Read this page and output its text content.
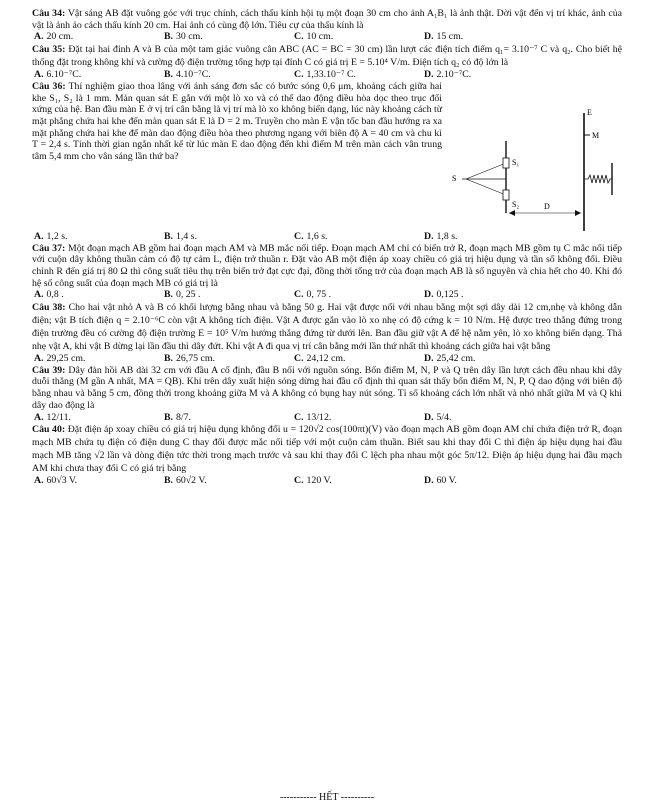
Câu 34: Vật sáng AB đặt vuông góc với trục chính, cách thấu kính hội tụ một đoạn 30 cm cho ảnh A₁B₁ là ảnh thật. Dời vật đến vị trí khác, ảnh của vật là ảnh ảo cách thấu kính 20 cm. Hai ảnh có cùng độ lớn. Tiêu cự của thấu kính là

A. 20 cm.	B. 30 cm.	C. 10 cm.	D. 15 cm.

Câu 35: Đặt tại hai đỉnh A và B của một tam giác vuông cân ABC (AC = BC = 30 cm) lần lượt các điện tích điểm q₁= 3.10⁻⁷ C và q₂. Cho biết hệ thống đặt trong không khí và cường độ điện trường tổng hợp tại đỉnh C có giá trị E = 5.10⁴ V/m. Điện tích q₂ có độ lớn là

A. 6.10⁻⁷C.	B. 4.10⁻⁷C.	C. 1,33.10⁻⁷ C.	D. 2.10⁻⁷C.

Câu 36: Thí nghiệm giao thoa lâng với ánh sáng đơn sắc có bước sóng 0,6 μm, khoảng cách giữa hai khe S₁, S₂ là 1 mm. Màn quan sát E gắn với một lò xo và có thể dao động điều hòa dọc theo trục đối xứng của hệ. Ban đầu màn E ở vị trí cân bằng là vị trí mà lò xo không biến dạng, lúc này khoảng cách từ mặt phẳng chứa hai khe đến màn quan sát E là D = 2 m. Truyền cho màn E vận tốc ban đầu hướng ra xa mặt phẳng chứa hai khe để màn dao động điều hòa theo phương ngang với biên độ A = 40 cm và chu kì T = 2,4 s. Tính thời gian ngắn nhất kể từ lúc màn E dao động đến khi điểm M trên màn cách vân trung tâm 5,4 mm cho vân sáng lần thứ ba?

S
S₁
S₂	D
E
M
A. 1,2 s.	B. 1,4 s.	C. 1,6 s.	D. 1,8 s.

Câu 37: Một đoạn mạch AB gồm hai đoạn mạch AM và MB mắc nối tiếp. Đoạn mạch AM chỉ có biến trở R, đoạn mạch MB gồm tụ C mắc nối tiếp với cuộn dây không thuần cảm có độ tự cảm L, điện trở thuần r. Đặt vào AB một điện áp xoay chiều có giá trị hiệu dụng và tần số không đổi. Điều chỉnh R đến giá trị 80 Ω thì công suất tiêu thụ trên biến trở đạt cực đại, đồng thời tổng trở của đoạn mạch AB là số nguyên và chia hết cho 40. Khi đó hệ số công suất của đoạn mạch MB có giá trị là

A. 0,8 .	B. 0, 25 .	C. 0, 75 .	D. 0,125 .

Câu 38: Cho hai vật nhỏ A và B có khối lượng bằng nhau và bằng 50 g. Hai vật được nối với nhau bằng một sợi dây dài 12 cm,nhẹ và không dẫn điện; vật B tích điện q = 2.10⁻⁶C còn vật A không tích điện. Vật A được gắn vào lò xo nhẹ có độ cứng k = 10 N/m. Hệ được treo thẳng đứng trong điện trường đều có cường độ điện trường E = 10⁵ V/m hướng thẳng đứng từ dưới lên. Ban đầu giữ vật A để hệ nằm yên, lò xo không biến dạng. Thả nhẹ vật A, khi vật B dừng lại lần đầu thì dây đứt. Khi vật A đi qua vị trí cân bằng mới lần thứ nhất thì khoảng cách giữa hai vật bằng

A. 29,25 cm.	B. 26,75 cm.	C. 24,12 cm.	D. 25,42 cm.

Câu 39: Dây đàn hồi AB dài 32 cm với đầu A cố định, đầu B nối với nguồn sóng. Bốn điểm M, N, P và Q trên dây lần lượt cách đều nhau khi dây duỗi thẳng (M gần A nhất, MA = QB). Khi trên dây xuất hiện sóng dừng hai đầu cố định thì quan sát thấy bốn điểm M, N, P, Q dao động với biên độ bằng nhau và bằng 5 cm, đồng thời trong khoảng giữa M và A không có bụng hay nút sóng. Tỉ số khoảng cách lớn nhất và nhỏ nhất giữa M và Q khi dây dao động là

A. 12/11.	B. 8/7.	C. 13/12.	D. 5/4.

Câu 40: Đặt điện áp xoay chiều có giá trị hiệu dụng không đổi u = 120√2 cos(100πt)(V) vào đoạn mạch AB gồm đoạn AM chỉ chứa điện trở R, đoạn mạch MB chứa tụ điện có điện dung C thay đổi được mắc nối tiếp với một cuộn cảm thuần. Biết sau khi thay đổi C thì điện áp hiệu dụng hai đầu mạch MB tăng √2 lần và dòng điện tức thời trong mạch trước và sau khi thay đổi C lệch pha nhau một góc 5π/12. Điện áp hiệu dụng hai đầu mạch AM khi chưa thay đổi C có giá trị bằng

A. 60√3 V.	B. 60√2 V.	C. 120 V.	D. 60 V.
----------- HẾT ----------
